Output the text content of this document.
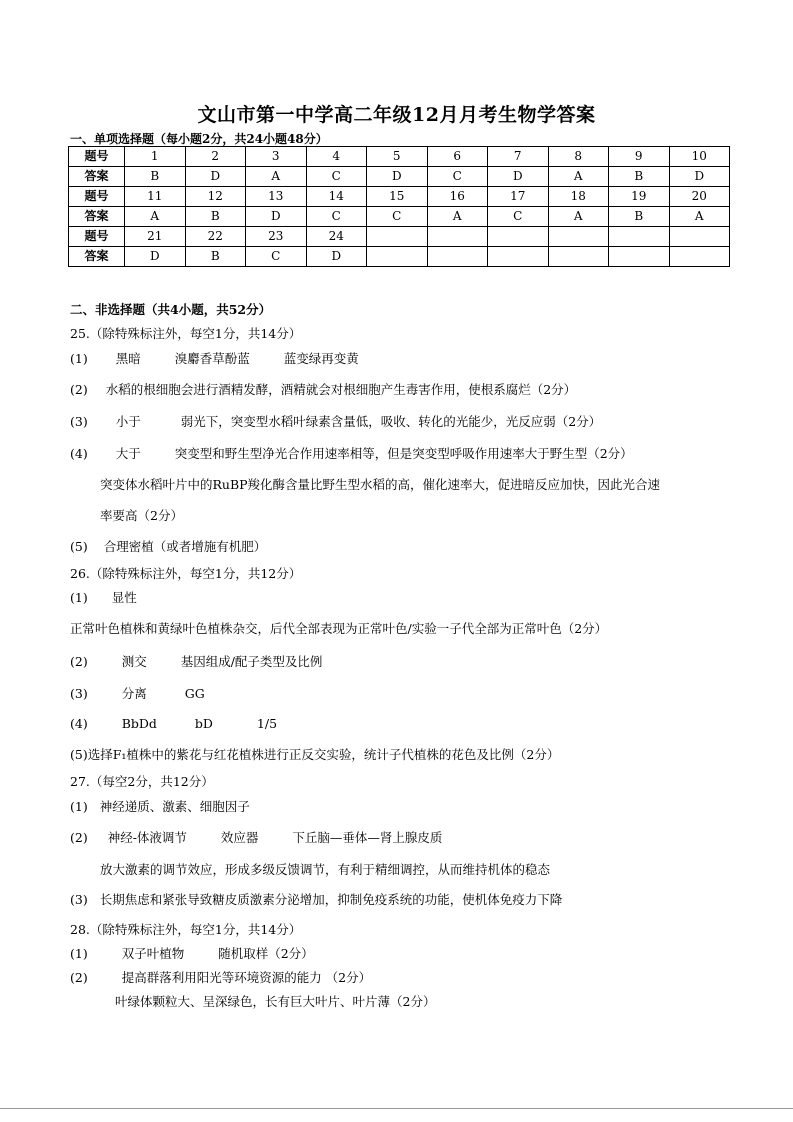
文山市第一中学高二年级12月月考生物学答案
一、单项选择题（每小题2分，共24小题48分）
题号	1	2	3	4	5	6	7	8	9	10
答案	B	D	A	C	D	C	D	A	B	D
题号	11	12	13	14	15	16	17	18	19	20
答案	A	B	D	C	C	A	C	A	B	A
题号	21	22	23	24						
答案	D	B	C	D						
二、非选择题（共4小题，共52分）
25.（除特殊标注外，每空1分，共14分）
(1) 黑暗	溴麝香草酚蓝	蓝变绿再变黄
(2) 水稻的根细胞会进行酒精发酵，酒精就会对根细胞产生毒害作用，使根系腐烂（2分）
(3) 小于	弱光下，突变型水稻叶绿素含量低，吸收、转化的光能少，光反应弱（2分）
(4) 大于	突变型和野生型净光合作用速率相等，但是突变型呼吸作用速率大于野生型（2分）
突变体水稻叶片中的RuBP羧化酶含量比野生型水稻的高，催化速率大，促进暗反应加快，因此光合速
率要高（2分）
(5) 合理密植（或者增施有机肥）
26.（除特殊标注外，每空1分，共12分）
(1) 显性
正常叶色植株和黄绿叶色植株杂交，后代全部表现为正常叶色/实验一子代全部为正常叶色（2分）
(2)	测交	基因组成/配子类型及比例
(3)	分离	GG
(4)	BbDd	bD	1/5
(5)选择F₁植株中的紫花与红花植株进行正反交实验，统计子代植株的花色及比例（2分）
27.（每空2分，共12分）
(1) 神经递质、激素、细胞因子
(2) 神经-体液调节	效应器	下丘脑—垂体—肾上腺皮质
放大激素的调节效应，形成多级反馈调节，有利于精细调控，从而维持机体的稳态
(3) 长期焦虑和紧张导致糖皮质激素分泌增加，抑制免疫系统的功能，使机体免疫力下降
28.（除特殊标注外，每空1分，共14分）
(1)	双子叶植物	随机取样（2分）
(2)	提高群落利用阳光等环境资源的能力 （2分）
叶绿体颗粒大、呈深绿色，长有巨大叶片、叶片薄（2分）
